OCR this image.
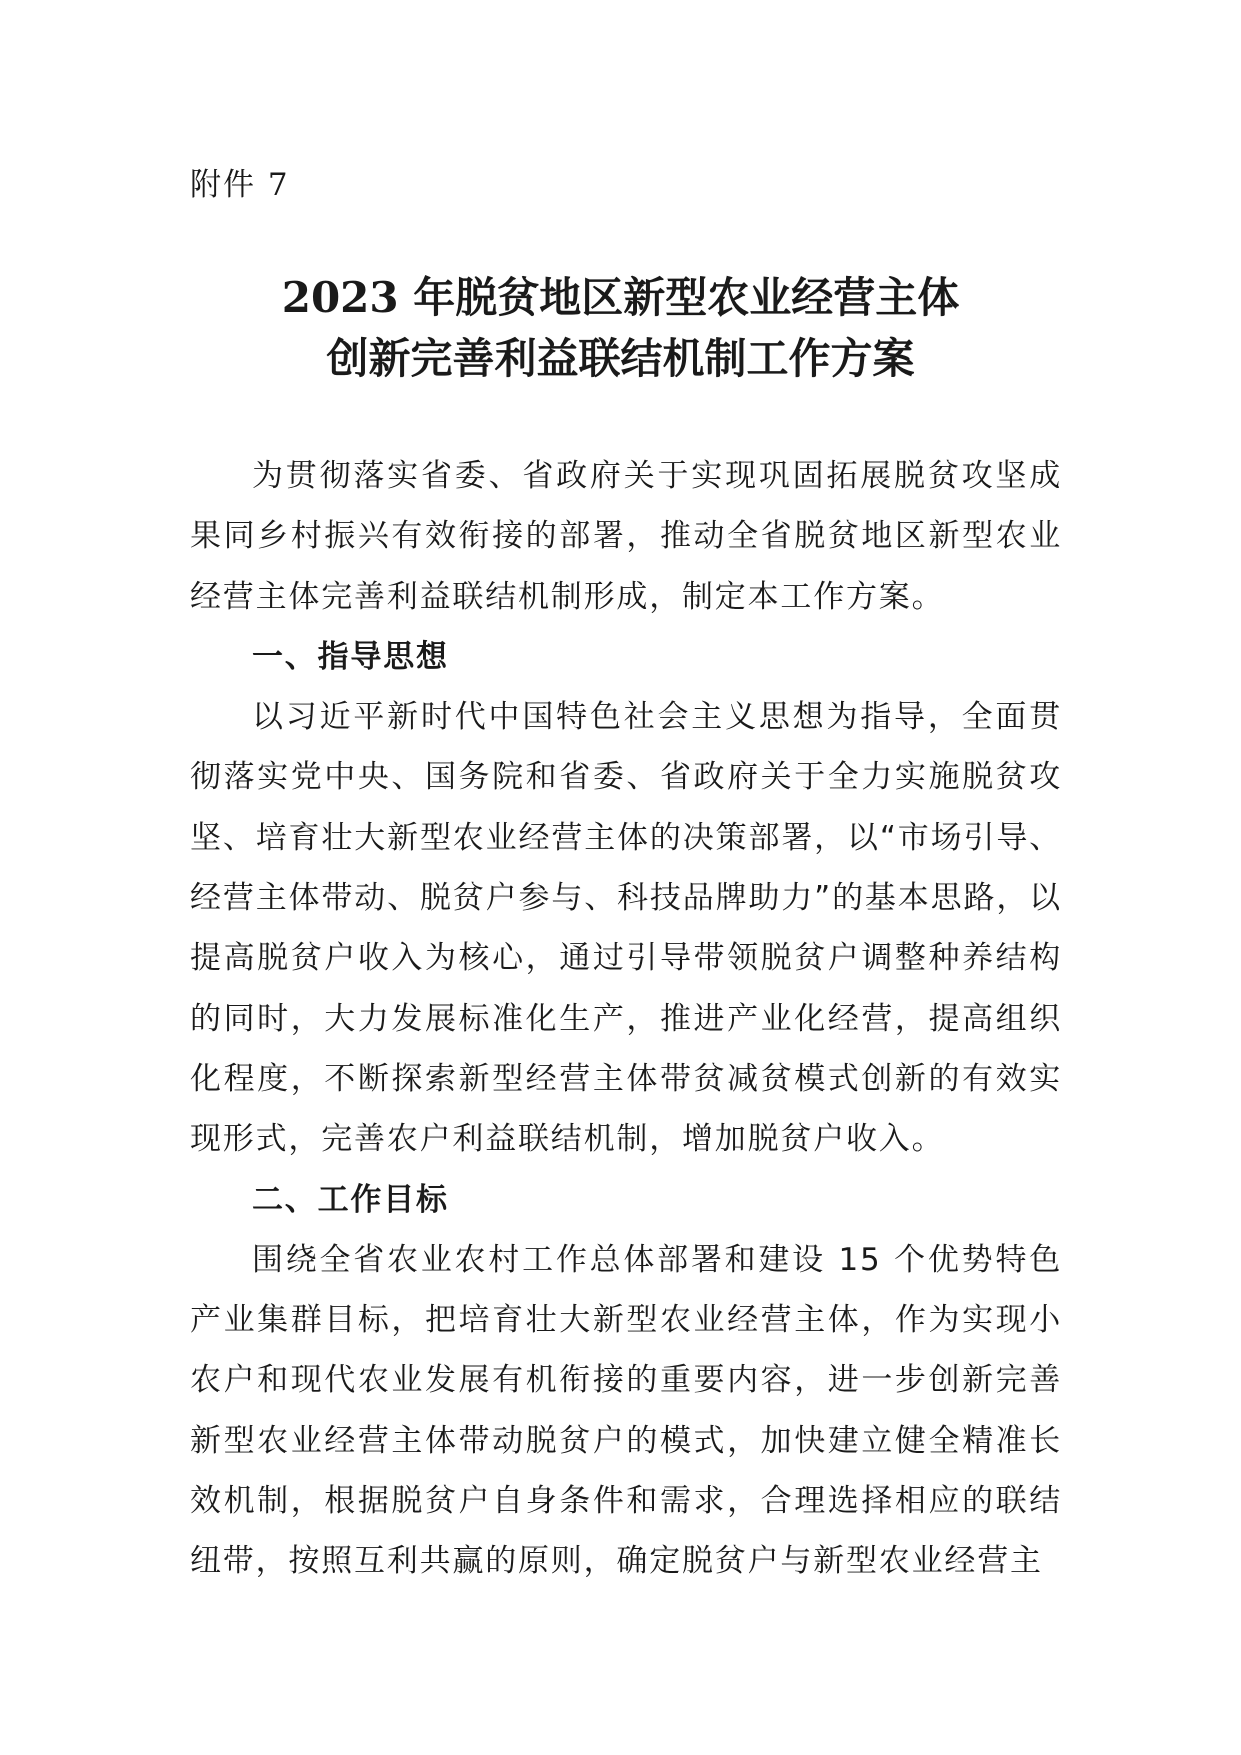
附件 7
2023 年脱贫地区新型农业经营主体
创新完善利益联结机制工作方案

为贯彻落实省委、省政府关于实现巩固拓展脱贫攻坚成果同乡村振兴有效衔接的部署，推动全省脱贫地区新型农业经营主体完善利益联结机制形成，制定本工作方案。

一、指导思想

以习近平新时代中国特色社会主义思想为指导，全面贯彻落实党中央、国务院和省委、省政府关于全力实施脱贫攻坚、培育壮大新型农业经营主体的决策部署，以“市场引导、经营主体带动、脱贫户参与、科技品牌助力”的基本思路，以提高脱贫户收入为核心，通过引导带领脱贫户调整种养结构的同时，大力发展标准化生产，推进产业化经营，提高组织化程度，不断探索新型经营主体带贫减贫模式创新的有效实现形式，完善农户利益联结机制，增加脱贫户收入。

二、工作目标

围绕全省农业农村工作总体部署和建设 15 个优势特色产业集群目标，把培育壮大新型农业经营主体，作为实现小农户和现代农业发展有机衔接的重要内容，进一步创新完善新型农业经营主体带动脱贫户的模式，加快建立健全精准长效机制，根据脱贫户自身条件和需求，合理选择相应的联结纽带，按照互利共赢的原则，确定脱贫户与新型农业经营主
